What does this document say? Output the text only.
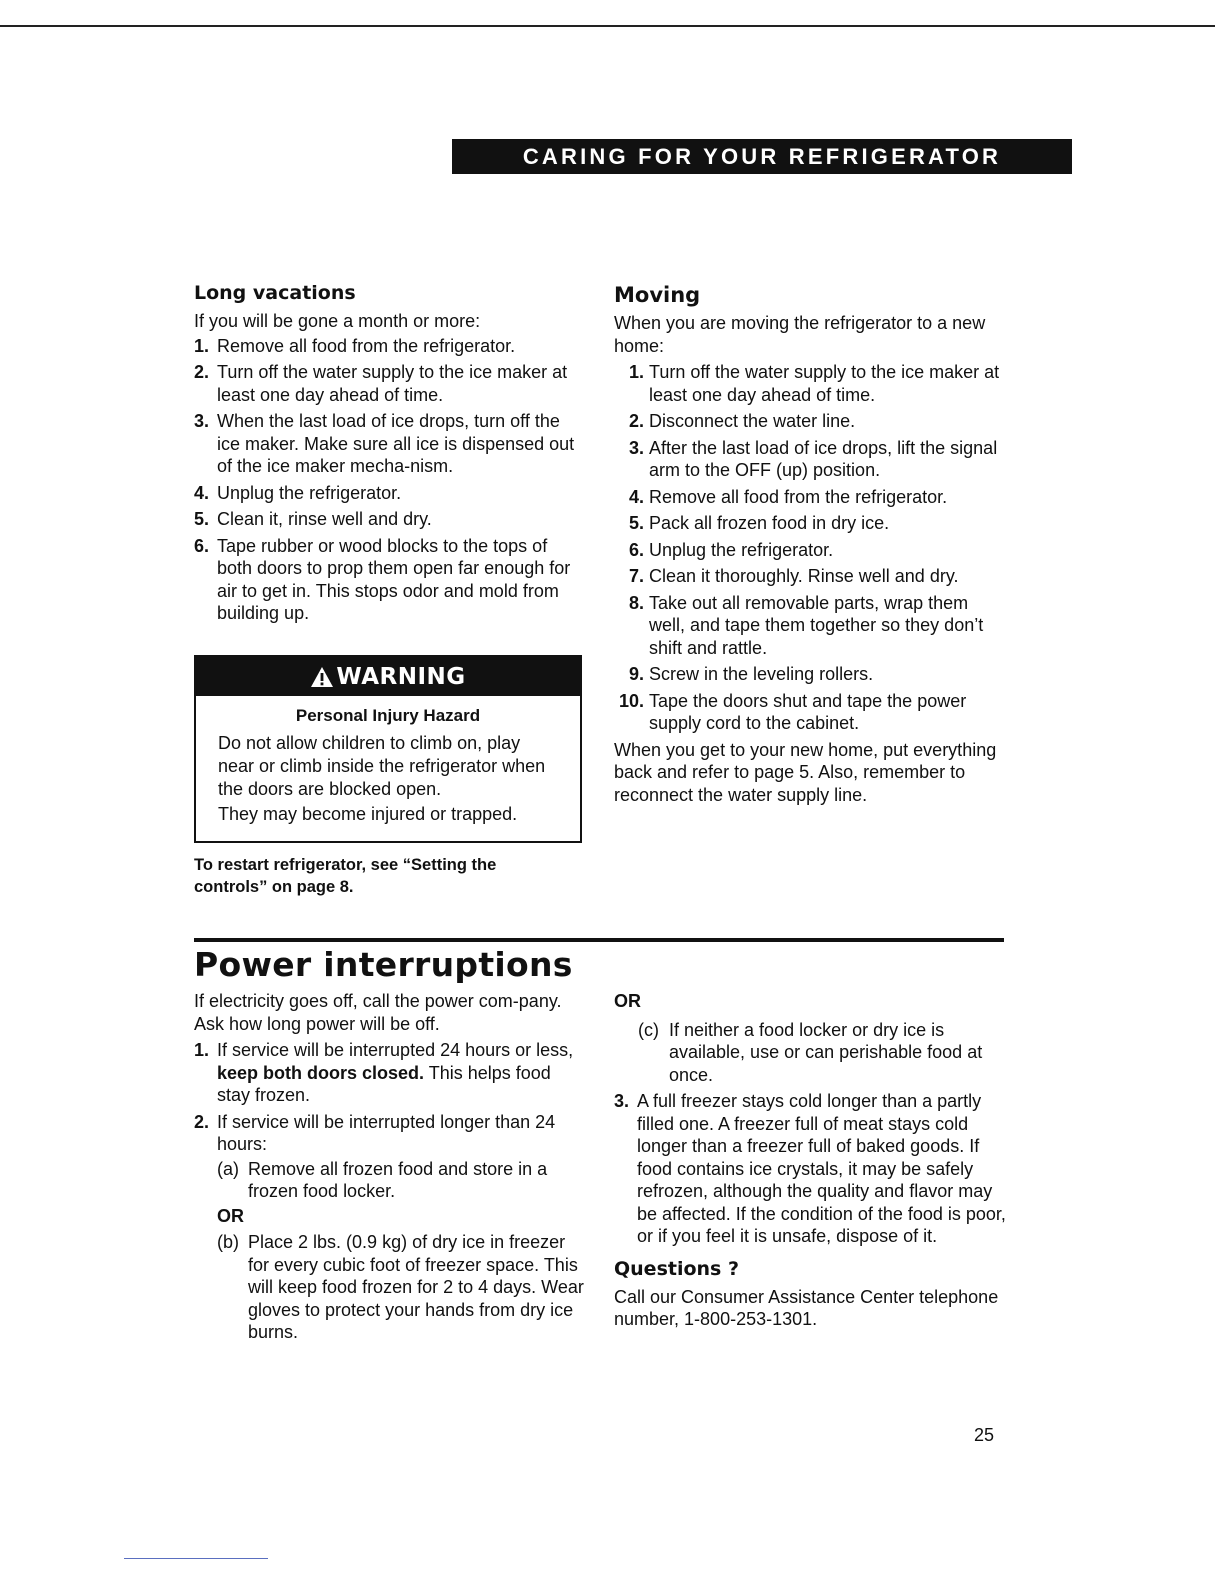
CARING FOR YOUR REFRIGERATOR
Long vacations

If you will be gone a month or more:

1. Remove all food from the refrigerator.
2. Turn off the water supply to the ice maker at least one day ahead of time.
3. When the last load of ice drops, turn off the ice maker. Make sure all ice is dispensed out of the ice maker mecha-nism.
4. Unplug the refrigerator.
5. Clean it, rinse well and dry.
6. Tape rubber or wood blocks to the tops of both doors to prop them open far enough for air to get in. This stops odor and mold from building up.
WARNING
Personal Injury Hazard

Do not allow children to climb on, play near or climb inside the refrigerator when the doors are blocked open.

They may become injured or trapped.

To restart refrigerator, see “Setting the controls” on page 8.

Moving

When you are moving the refrigerator to a new home:

1. Turn off the water supply to the ice maker at least one day ahead of time.
2. Disconnect the water line.
3. After the last load of ice drops, lift the signal arm to the OFF (up) position.
4. Remove all food from the refrigerator.
5. Pack all frozen food in dry ice.
6. Unplug the refrigerator.
7. Clean it thoroughly. Rinse well and dry.
8. Take out all removable parts, wrap them well, and tape them together so they don’t shift and rattle.
9. Screw in the leveling rollers.
10. Tape the doors shut and tape the power supply cord to the cabinet.

When you get to your new home, put everything back and refer to page 5. Also, remember to reconnect the water supply line.

Power interruptions

If electricity goes off, call the power com-pany. Ask how long power will be off.

1. If service will be interrupted 24 hours or less, keep both doors closed. This helps food stay frozen.
2. If service will be interrupted longer than 24 hours:
(a) Remove all frozen food and store in a frozen food locker.

OR

(b) Place 2 lbs. (0.9 kg) of dry ice in freezer for every cubic foot of freezer space. This will keep food frozen for 2 to 4 days. Wear gloves to protect your hands from dry ice burns.

OR

(c) If neither a food locker or dry ice is available, use or can perishable food at once.
3. A full freezer stays cold longer than a partly filled one. A freezer full of meat stays cold longer than a freezer full of baked goods. If food contains ice crystals, it may be safely refrozen, although the quality and flavor may be affected. If the condition of the food is poor, or if you feel it is unsafe, dispose of it.
Questions ?

Call our Consumer Assistance Center telephone number, 1-800-253-1301.

25
